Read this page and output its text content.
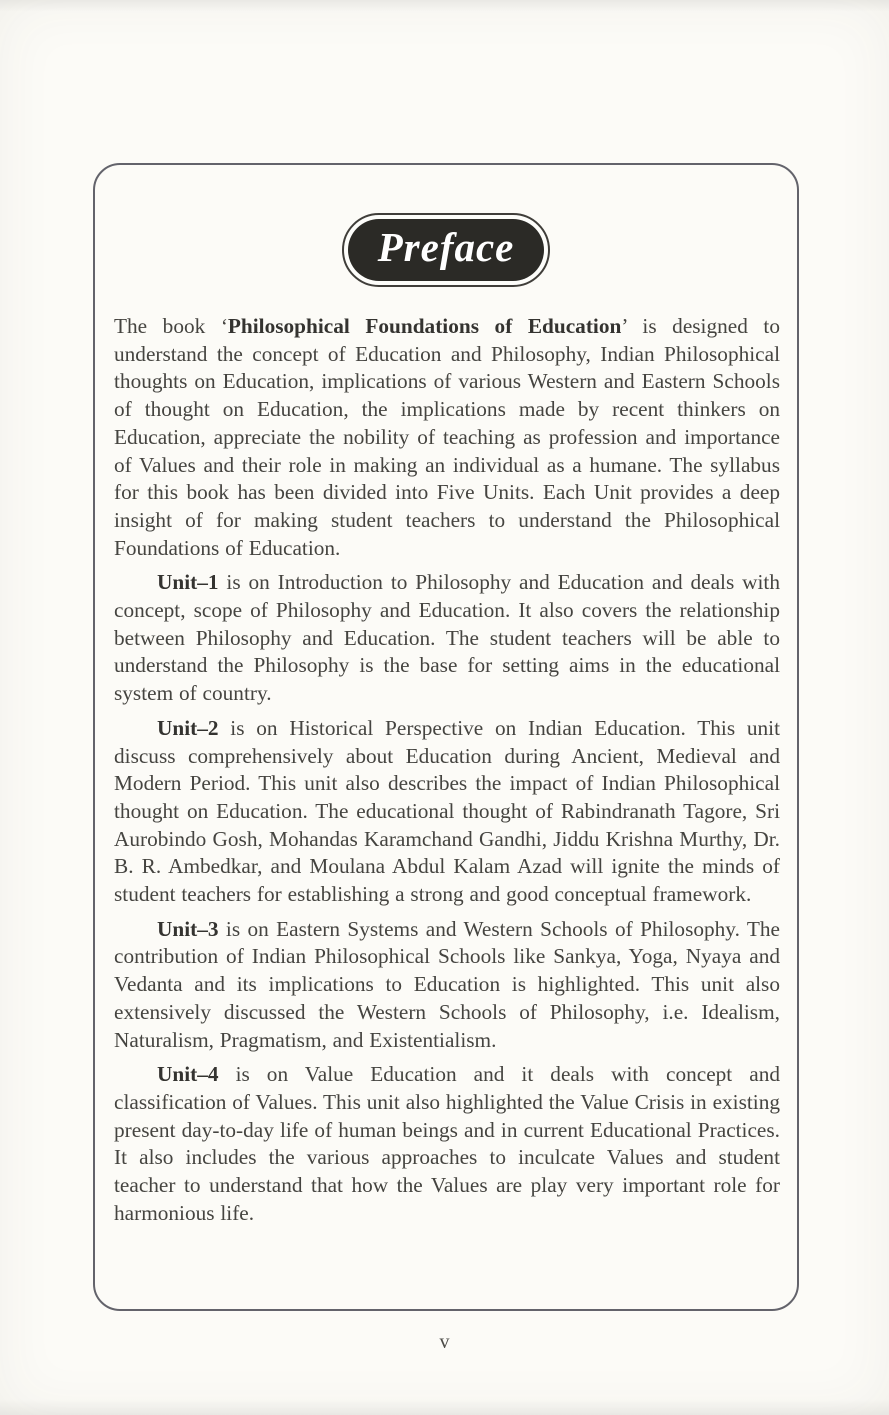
Preface

The book ‘Philosophical Foundations of Education’ is designed to understand the concept of Education and Philosophy, Indian Philosophical thoughts on Education, implications of various Western and Eastern Schools of thought on Education, the implications made by recent thinkers on Education, appreciate the nobility of teaching as profession and importance of Values and their role in making an individual as a humane. The syllabus for this book has been divided into Five Units. Each Unit provides a deep insight of for making student teachers to understand the Philosophical Foundations of Education.

Unit–1 is on Introduction to Philosophy and Education and deals with concept, scope of Philosophy and Education. It also covers the relationship between Philosophy and Education. The student teachers will be able to understand the Philosophy is the base for setting aims in the educational system of country.

Unit–2 is on Historical Perspective on Indian Education. This unit discuss comprehensively about Education during Ancient, Medieval and Modern Period. This unit also describes the impact of Indian Philosophical thought on Education. The educational thought of Rabindranath Tagore, Sri Aurobindo Gosh, Mohandas Karamchand Gandhi, Jiddu Krishna Murthy, Dr. B. R. Ambedkar, and Moulana Abdul Kalam Azad will ignite the minds of student teachers for establishing a strong and good conceptual framework.

Unit–3 is on Eastern Systems and Western Schools of Philosophy. The contribution of Indian Philosophical Schools like Sankya, Yoga, Nyaya and Vedanta and its implications to Education is highlighted. This unit also extensively discussed the Western Schools of Philosophy, i.e. Idealism, Naturalism, Pragmatism, and Existentialism.

Unit–4 is on Value Education and it deals with concept and classification of Values. This unit also highlighted the Value Crisis in existing present day-to-day life of human beings and in current Educational Practices. It also includes the various approaches to inculcate Values and student teacher to understand that how the Values are play very important role for harmonious life.

v
